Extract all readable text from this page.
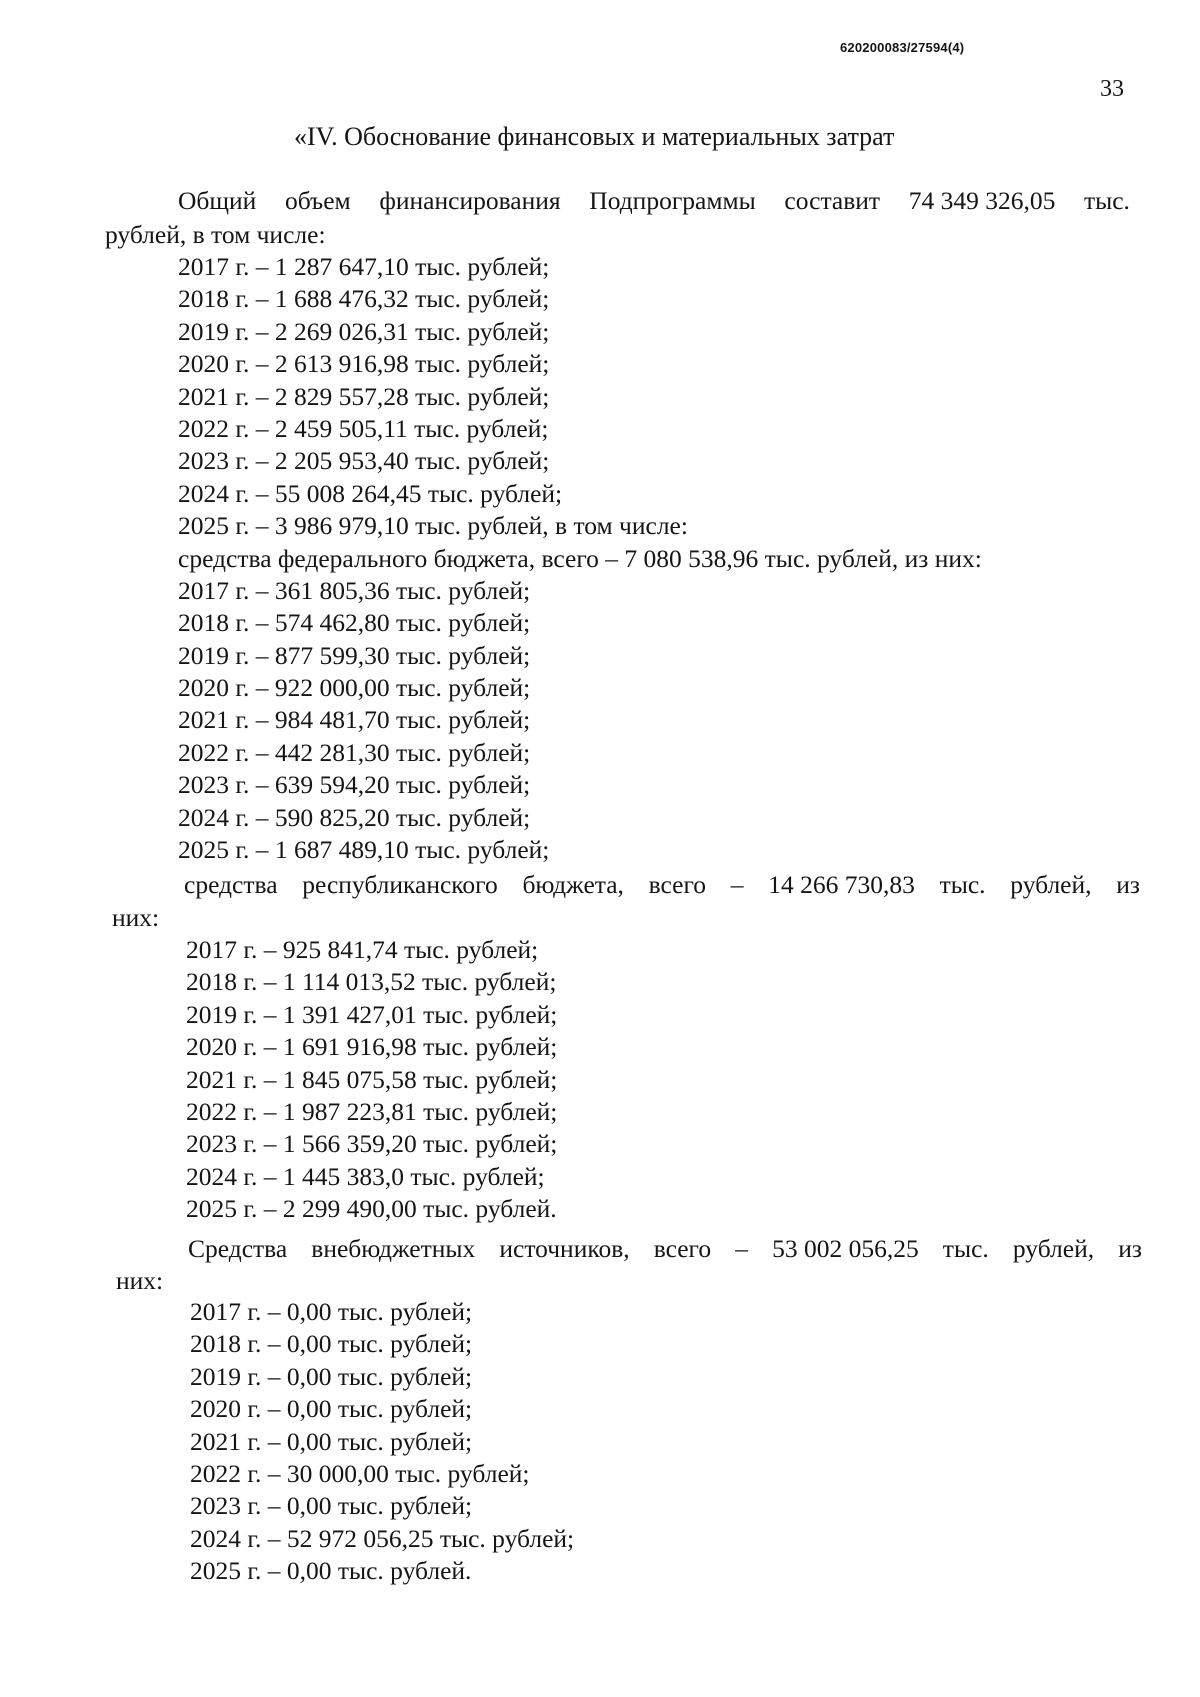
620200083/27594(4)
33
«IV. Обоснование финансовых и материальных затрат
Общий объем финансирования Подпрограммы составит 74 349 326,05 тыс.
рублей, в том числе:
2017 г. – 1 287 647,10 тыс. рублей;
2018 г. – 1 688 476,32 тыс. рублей;
2019 г. – 2 269 026,31 тыс. рублей;
2020 г. – 2 613 916,98 тыс. рублей;
2021 г. – 2 829 557,28 тыс. рублей;
2022 г. – 2 459 505,11 тыс. рублей;
2023 г. – 2 205 953,40 тыс. рублей;
2024 г. – 55 008 264,45 тыс. рублей;
2025 г. – 3 986 979,10 тыс. рублей, в том числе:
средства федерального бюджета, всего – 7 080 538,96 тыс. рублей, из них:
2017 г. – 361 805,36 тыс. рублей;
2018 г. – 574 462,80 тыс. рублей;
2019 г. – 877 599,30 тыс. рублей;
2020 г. – 922 000,00 тыс. рублей;
2021 г. – 984 481,70 тыс. рублей;
2022 г. – 442 281,30 тыс. рублей;
2023 г. – 639 594,20 тыс. рублей;
2024 г. – 590 825,20 тыс. рублей;
2025 г. – 1 687 489,10 тыс. рублей;
средства республиканского бюджета, всего – 14 266 730,83 тыс. рублей, из
них:
2017 г. – 925 841,74 тыс. рублей;
2018 г. – 1 114 013,52 тыс. рублей;
2019 г. – 1 391 427,01 тыс. рублей;
2020 г. – 1 691 916,98 тыс. рублей;
2021 г. – 1 845 075,58 тыс. рублей;
2022 г. – 1 987 223,81 тыс. рублей;
2023 г. – 1 566 359,20 тыс. рублей;
2024 г. – 1 445 383,0 тыс. рублей;
2025 г. – 2 299 490,00 тыс. рублей.
Средства внебюджетных источников, всего – 53 002 056,25 тыс. рублей, из
них:
2017 г. – 0,00 тыс. рублей;
2018 г. – 0,00 тыс. рублей;
2019 г. – 0,00 тыс. рублей;
2020 г. – 0,00 тыс. рублей;
2021 г. – 0,00 тыс. рублей;
2022 г. – 30 000,00 тыс. рублей;
2023 г. – 0,00 тыс. рублей;
2024 г. – 52 972 056,25 тыс. рублей;
2025 г. – 0,00 тыс. рублей.
